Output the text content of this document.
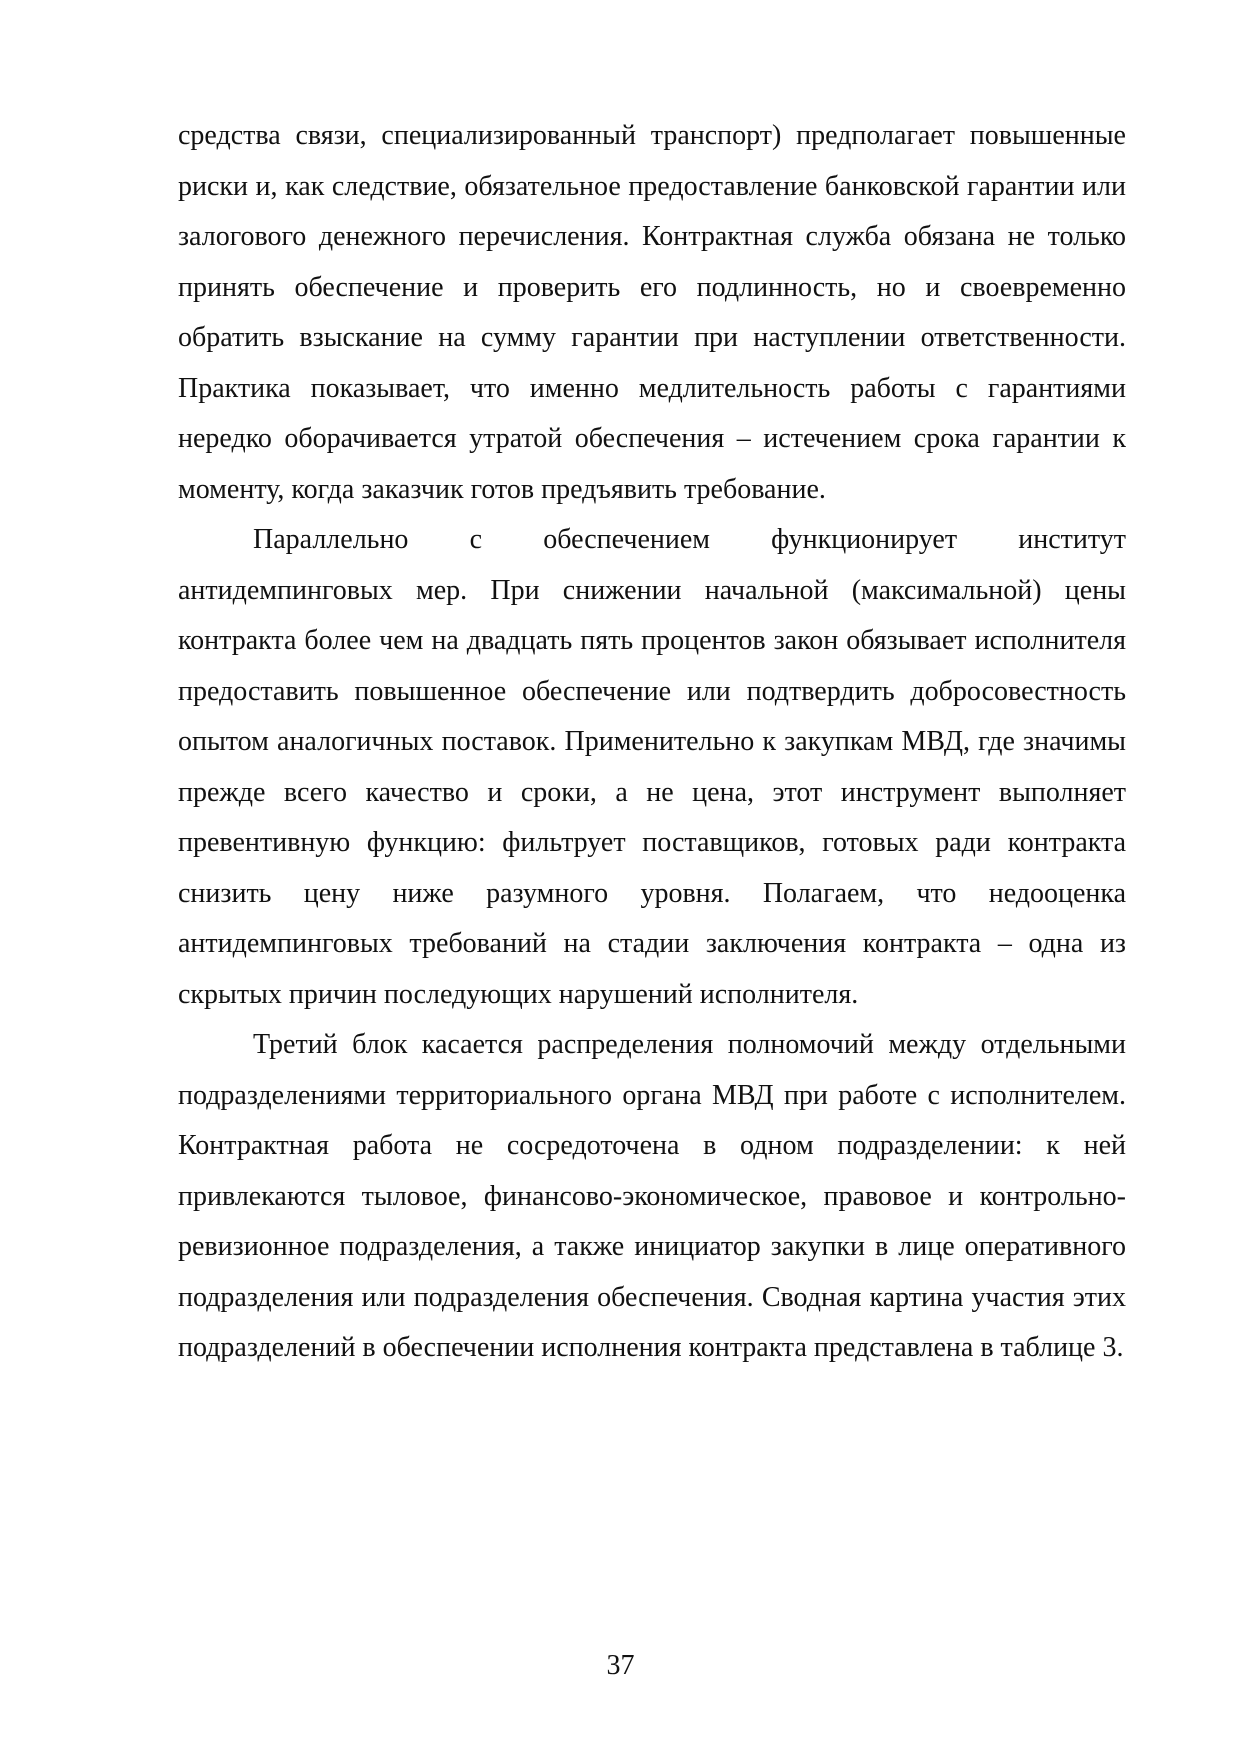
средства связи, специализированный транспорт) предполагает повышенные риски и, как следствие, обязательное предоставление банковской гарантии или залогового денежного перечисления. Контрактная служба обязана не только принять обеспечение и проверить его подлинность, но и своевременно обратить взыскание на сумму гарантии при наступлении ответственности. Практика показывает, что именно медлительность работы с гарантиями нередко оборачивается утратой обеспечения – истечением срока гарантии к моменту, когда заказчик готов предъявить требование.

Параллельно с обеспечением функционирует институт антидемпинговых мер. При снижении начальной (максимальной) цены контракта более чем на двадцать пять процентов закон обязывает исполнителя предоставить повышенное обеспечение или подтвердить добросовестность опытом аналогичных поставок. Применительно к закупкам МВД, где значимы прежде всего качество и сроки, а не цена, этот инструмент выполняет превентивную функцию: фильтрует поставщиков, готовых ради контракта снизить цену ниже разумного уровня. Полагаем, что недооценка антидемпинговых требований на стадии заключения контракта – одна из скрытых причин последующих нарушений исполнителя.

Третий блок касается распределения полномочий между отдельными подразделениями территориального органа МВД при работе с исполнителем. Контрактная работа не сосредоточена в одном подразделении: к ней привлекаются тыловое, финансово-экономическое, правовое и контрольно-ревизионное подразделения, а также инициатор закупки в лице оперативного подразделения или подразделения обеспечения. Сводная картина участия этих подразделений в обеспечении исполнения контракта представлена в таблице 3.

37
